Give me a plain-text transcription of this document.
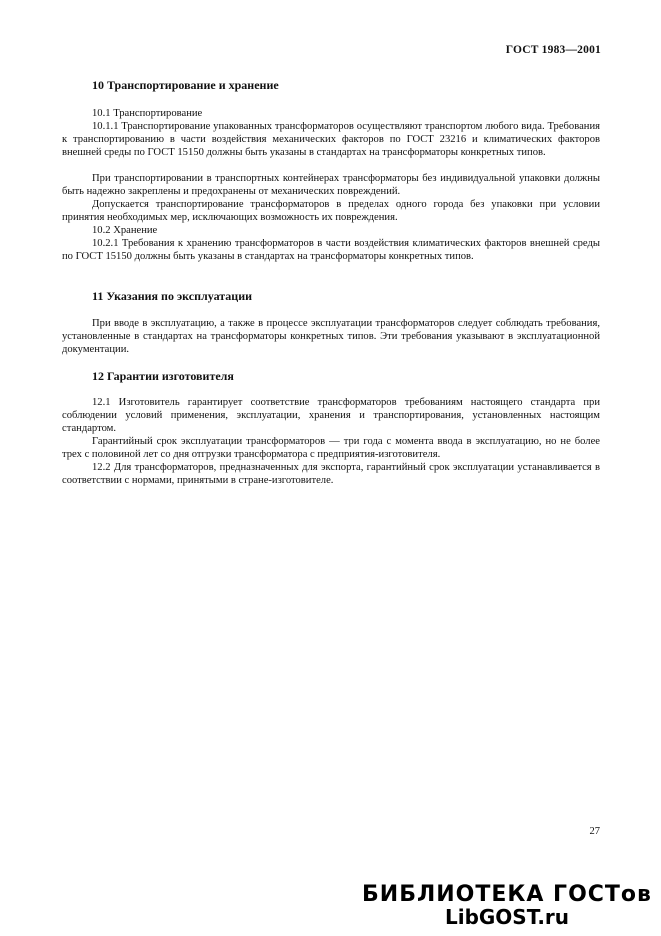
ГОСТ 1983—2001
10 Транспортирование и хранение
10.1 Транспортирование
10.1.1 Транспортирование упакованных трансформаторов осуществляют транспортом любого вида. Требования к транспортированию в части воздействия механических факторов по ГОСТ 23216 и климатических факторов внешней среды по ГОСТ 15150 должны быть указаны в стандартах на трансформаторы конкретных типов.
При транспортировании в транспортных контейнерах трансформаторы без индивидуальной упаковки должны быть надежно закреплены и предохранены от механических повреждений.
Допускается транспортирование трансформаторов в пределах одного города без упаковки при условии принятия необходимых мер, исключающих возможность их повреждения.
10.2 Хранение
10.2.1 Требования к хранению трансформаторов в части воздействия климатических факторов внешней среды по ГОСТ 15150 должны быть указаны в стандартах на трансформаторы конкретных типов.
11 Указания по эксплуатации
При вводе в эксплуатацию, а также в процессе эксплуатации трансформаторов следует соблюдать требования, установленные в стандартах на трансформаторы конкретных типов. Эти требования указывают в эксплуатационной документации.
12 Гарантии изготовителя
12.1 Изготовитель гарантирует соответствие трансформаторов требованиям настоящего стандарта при соблюдении условий применения, эксплуатации, хранения и транспортирования, установленных настоящим стандартом.
Гарантийный срок эксплуатации трансформаторов — три года с момента ввода в эксплуатацию, но не более трех с половиной лет со дня отгрузки трансформатора с предприятия-изготовителя.
12.2 Для трансформаторов, предназначенных для экспорта, гарантийный срок эксплуатации устанавливается в соответствии с нормами, принятыми в стране-изготовителе.
27
БИБЛИОТЕКА ГОСТов
LibGOST.ru
